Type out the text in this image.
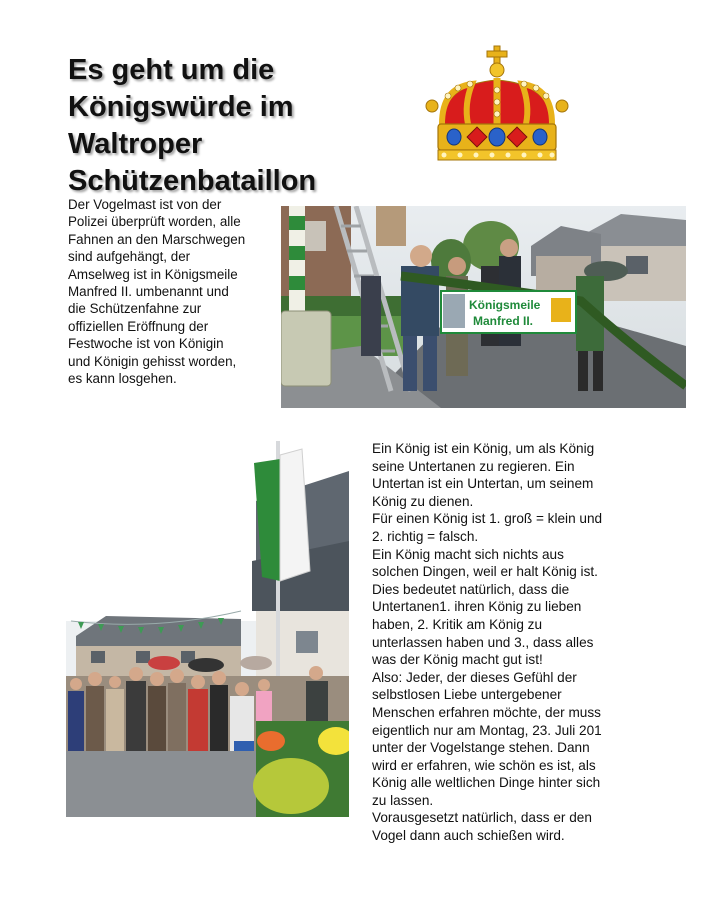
Es geht um die
Königswürde im
Waltroper
Schützenbataillon
Der Vogelmast ist von der
Polizei überprüft worden, alle
Fahnen an den Marschwegen
sind aufgehängt, der
Amselweg ist in Königsmeile
Manfred II. umbenannt und
die Schützenfahne zur
offiziellen Eröffnung der
Festwoche ist von Königin
und Königin gehisst worden,
es kann losgehen.
Königsmeile
Manfred II.
Ein König ist ein König, um als König
seine Untertanen zu regieren. Ein
Untertan ist ein Untertan, um seinem
König zu dienen.
Für einen König ist 1. groß = klein und
2. richtig = falsch.
Ein König macht sich nichts aus
solchen Dingen, weil er halt König ist.
Dies bedeutet natürlich, dass die
Untertanen1. ihren König zu lieben
haben, 2. Kritik am König zu
unterlassen haben und 3., dass alles
was der König macht gut ist!
Also: Jeder, der dieses Gefühl der
selbstlosen Liebe untergebener
Menschen erfahren möchte, der muss
eigentlich nur am Montag, 23. Juli 201
unter der Vogelstange stehen. Dann
wird er erfahren, wie schön es ist, als
König alle weltlichen Dinge hinter sich
zu lassen.
Vorausgesetzt natürlich, dass er den
Vogel dann auch schießen wird.
